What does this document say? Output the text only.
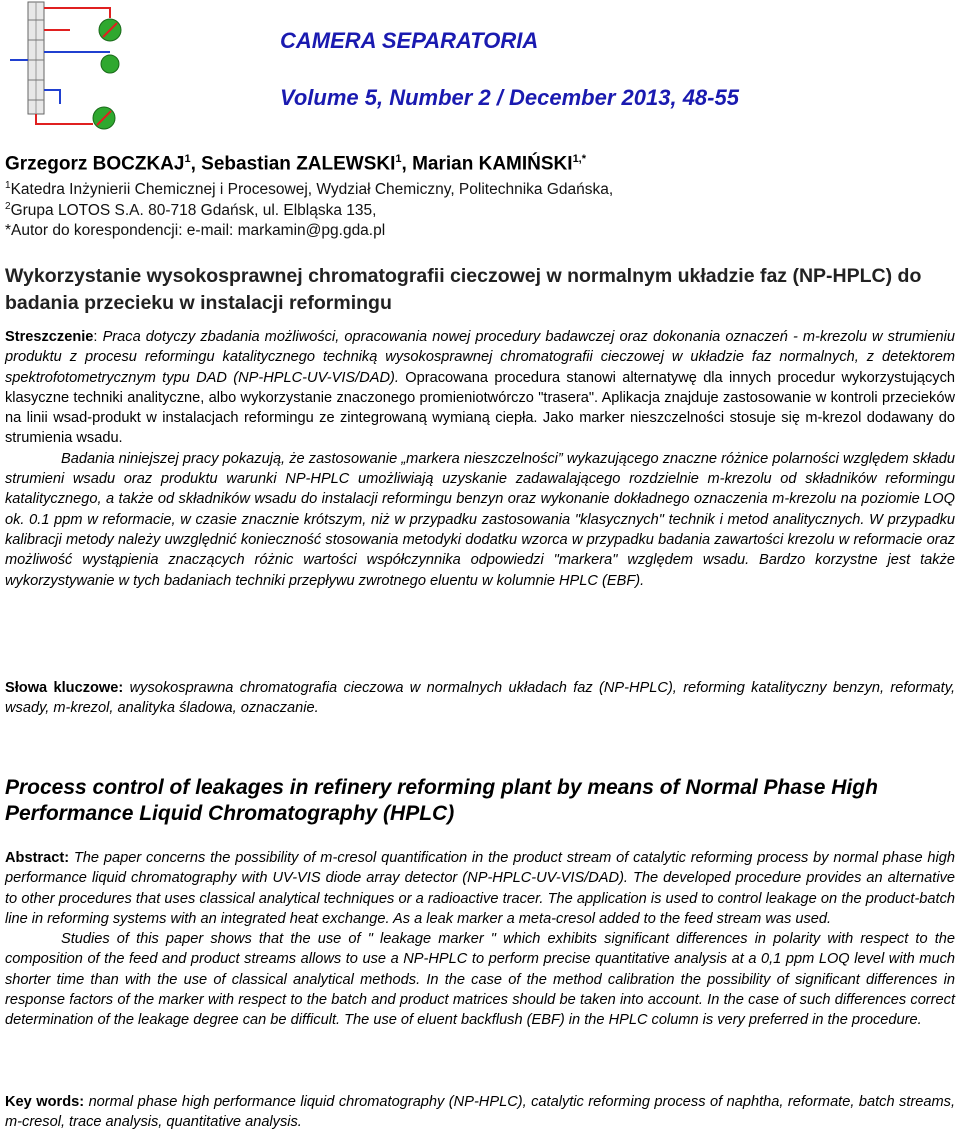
CAMERA SEPARATORIA
Volume 5, Number 2 / December 2013, 48-55
Grzegorz BOCZKAJ$^1$, Sebastian ZALEWSKI$^1$, Marian $KAMIŃSKI^{1,*}$
$^1$Katedra Inżynierii Chemicznej i Procesowej, Wydział Chemiczny, Politechnika Gdańska,
$^2$Grupa LOTOS S.A. 80-718 Gdańsk, ul. Elbląska 135,
*Autor do korespondencji: e-mail: markamin@pg.gda.pl
Wykorzystanie wysokosprawnej chromatografii cieczowej w normalnym układzie faz (NP-HPLC) do badania przecieku w instalacji reformingu

Streszczenie: Praca dotyczy zbadania możliwości, opracowania nowej procedury badawczej oraz dokonania oznaczeń - m-krezolu w strumieniu produktu z procesu reformingu katalitycznego techniką wysokosprawnej chromatografii cieczowej w układzie faz normalnych, z detektorem spektrofotometrycznym typu DAD (NP-HPLC-UV-VIS/DAD). Opracowana procedura stanowi alternatywę dla innych procedur wykorzystujących klasyczne techniki analityczne, albo wykorzystanie znaczonego promieniotwórczo "trasera". Aplikacja znajduje zastosowanie w kontroli przecieków na linii wsad-produkt w instalacjach reformingu ze zintegrowaną wymianą ciepła. Jako marker nieszczelności stosuje się m-krezol dodawany do strumienia wsadu.

Badania niniejszej pracy pokazują, że zastosowanie „markera nieszczelności” wykazującego znaczne różnice polarności względem składu strumieni wsadu oraz produktu warunki NP-HPLC umożliwiają uzyskanie zadawalającego rozdzielnie m-krezolu od składników reformingu katalitycznego, a także od składników wsadu do instalacji reformingu benzyn oraz wykonanie dokładnego oznaczenia m-krezolu na poziomie LOQ ok. 0.1 ppm w reformacie, w czasie znacznie krótszym, niż w przypadku zastosowania "klasycznych" technik i metod analitycznych. W przypadku kalibracji metody należy uwzględnić konieczność stosowania metodyki dodatku wzorca w przypadku badania zawartości krezolu w reformacie oraz możliwość wystąpienia znaczących różnic wartości współczynnika odpowiedzi "markera" względem wsadu. Bardzo korzystne jest także wykorzystywanie w tych badaniach techniki przepływu zwrotnego eluentu w kolumnie HPLC (EBF).

Słowa kluczowe: wysokosprawna chromatografia cieczowa w normalnych układach faz (NP-HPLC), reforming katalityczny benzyn, reformaty, wsady, m-krezol, analityka śladowa, oznaczanie.

Process control of leakages in refinery reforming plant by means of Normal Phase High Performance Liquid Chromatography (HPLC)

Abstract: The paper concerns the possibility of m-cresol quantification in the product stream of catalytic reforming process by normal phase high performance liquid chromatography with UV-VIS diode array detector (NP-HPLC-UV-VIS/DAD). The developed procedure provides an alternative to other procedures that uses classical analytical techniques or a radioactive tracer. The application is used to control leakage on the product-batch line in reforming systems with an integrated heat exchange. As a leak marker a meta-cresol added to the feed stream was used.

Studies of this paper shows that the use of " leakage marker " which exhibits significant differences in polarity with respect to the composition of the feed and product streams allows to use a NP-HPLC to perform precise quantitative analysis at a 0,1 ppm LOQ level with much shorter time than with the use of classical analytical methods. In the case of the method calibration the possibility of significant differences in response factors of the marker with respect to the batch and product matrices should be taken into account. In the case of such differences correct determination of the leakage degree can be difficult. The use of eluent backflush (EBF) in the HPLC column is very preferred in the procedure.

Key words: normal phase high performance liquid chromatography (NP-HPLC), catalytic reforming process of naphtha, reformate, batch streams, m-cresol, trace analysis, quantitative analysis.
